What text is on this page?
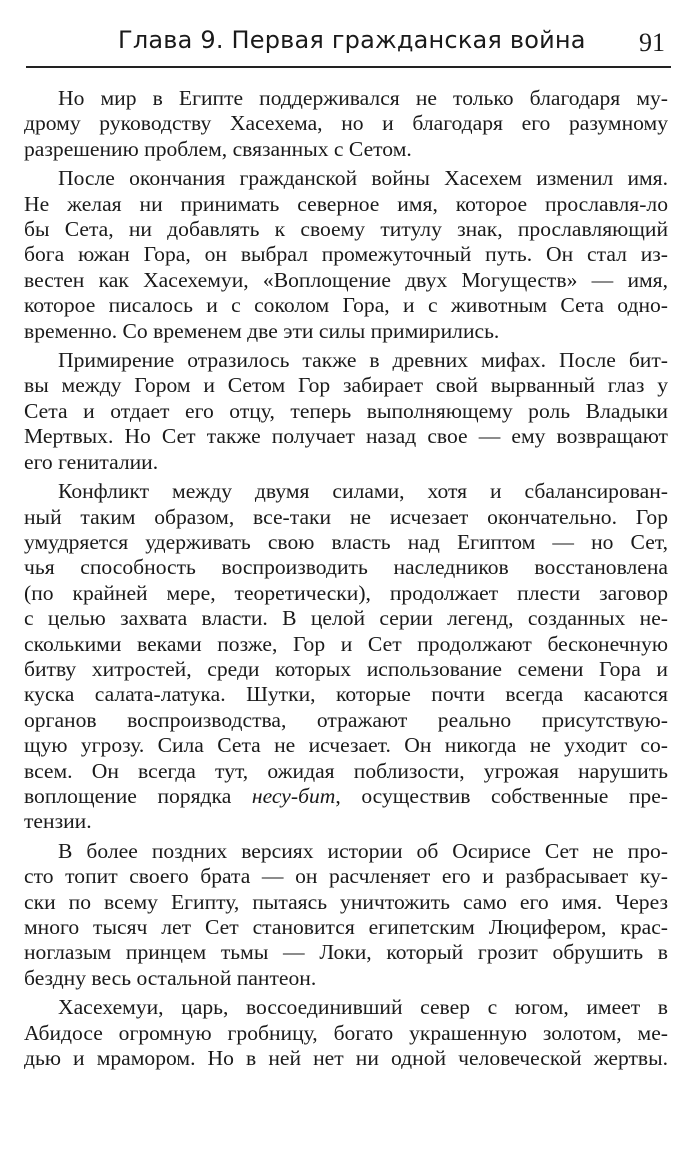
Глава 9. Первая гражданская война 91

Но мир в Египте поддерживался не только благодаря му-
дрому руководству Хасехема, но и благодаря его разумному
разрешению проблем, связанных с Сетом.

После окончания гражданской войны Хасехем изменил имя.
Не желая ни принимать северное имя, которое прославля-ло
бы Сета, ни добавлять к своему титулу знак, прославляющий
бога южан Гора, он выбрал промежуточный путь. Он стал из-
вестен как Хасехемуи, «Воплощение двух Могуществ» — имя,
которое писалось и с соколом Гора, и с животным Сета одно-
временно. Со временем две эти силы примирились.

Примирение отразилось также в древних мифах. После бит-
вы между Гором и Сетом Гор забирает свой вырванный глаз у
Сета и отдает его отцу, теперь выполняющему роль Владыки
Мертвых. Но Сет также получает назад свое — ему возвращают
его гениталии.

Конфликт между двумя силами, хотя и сбалансирован-
ный таким образом, все-таки не исчезает окончательно. Гор
умудряется удерживать свою власть над Египтом — но Сет,
чья способность воспроизводить наследников восстановлена
(по крайней мере, теоретически), продолжает плести заговор
с целью захвата власти. В целой серии легенд, созданных не-
сколькими веками позже, Гор и Сет продолжают бесконечную
битву хитростей, среди которых использование семени Гора и
куска салата-латука. Шутки, которые почти всегда касаются
органов воспроизводства, отражают реально присутствую-
щую угрозу. Сила Сета не исчезает. Он никогда не уходит со-
всем. Он всегда тут, ожидая поблизости, угрожая нарушить
воплощение порядка несу-бит, осуществив собственные пре-
тензии.

В более поздних версиях истории об Осирисе Сет не про-
сто топит своего брата — он расчленяет его и разбрасывает ку-
ски по всему Египту, пытаясь уничтожить само его имя. Через
много тысяч лет Сет становится египетским Люцифером, крас-
ноглазым принцем тьмы — Локи, который грозит обрушить в
бездну весь остальной пантеон.

Хасехемуи, царь, воссоединивший север с югом, имеет в
Абидосе огромную гробницу, богато украшенную золотом, ме-
дью и мрамором. Но в ней нет ни одной человеческой жертвы.
